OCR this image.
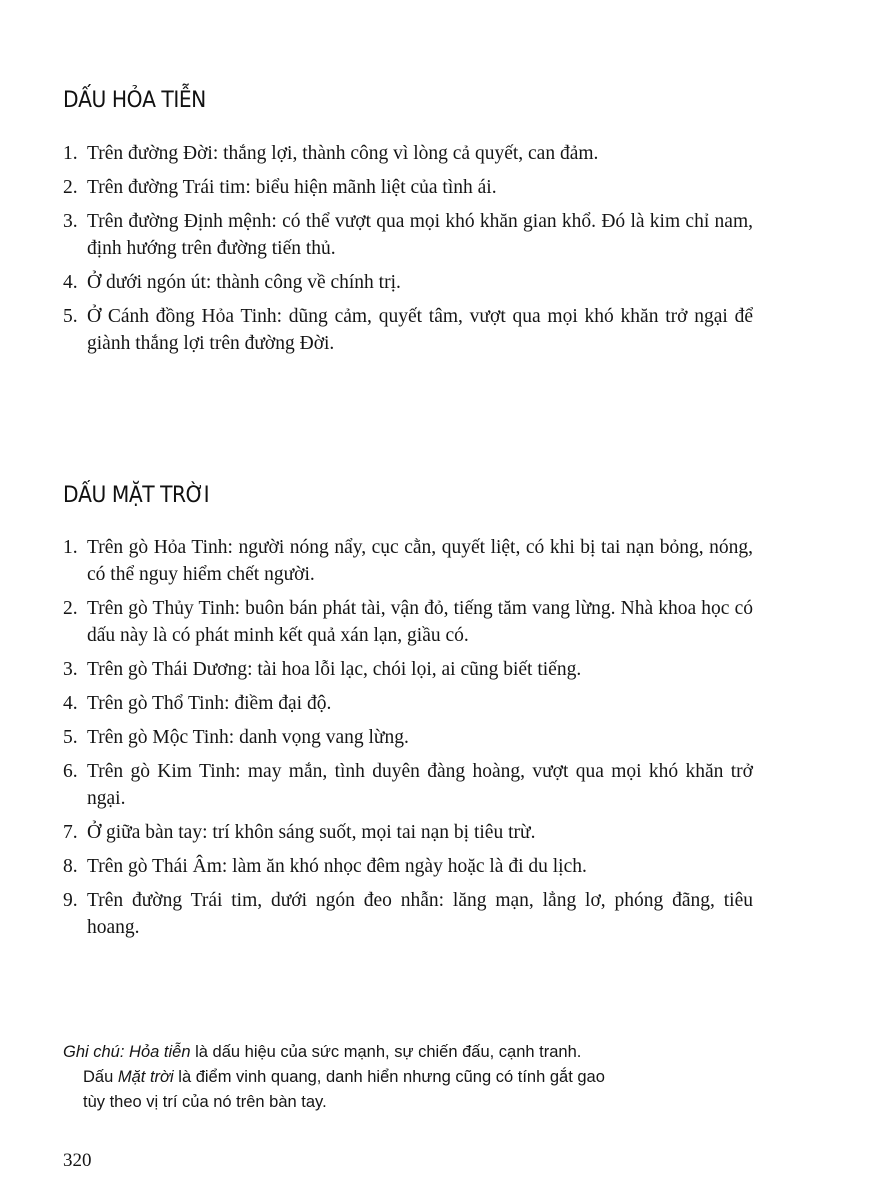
DẤU HỎA TIỄN
1. Trên đường Đời: thắng lợi, thành công vì lòng cả quyết, can đảm.
2. Trên đường Trái tim: biểu hiện mãnh liệt của tình ái.
3. Trên đường Định mệnh: có thể vượt qua mọi khó khăn gian khổ. Đó là kim chỉ nam, định hướng trên đường tiến thủ.
4. Ở dưới ngón út: thành công về chính trị.
5. Ở Cánh đồng Hỏa Tinh: dũng cảm, quyết tâm, vượt qua mọi khó khăn trở ngại để giành thắng lợi trên đường Đời.
DẤU MẶT TRỜI
1. Trên gò Hỏa Tinh: người nóng nẩy, cục cằn, quyết liệt, có khi bị tai nạn bỏng, nóng, có thể nguy hiểm chết người.
2. Trên gò Thủy Tinh: buôn bán phát tài, vận đỏ, tiếng tăm vang lừng. Nhà khoa học có dấu này là có phát minh kết quả xán lạn, giầu có.
3. Trên gò Thái Dương: tài hoa lỗi lạc, chói lọi, ai cũng biết tiếng.
4. Trên gò Thổ Tinh: điềm đại độ.
5. Trên gò Mộc Tinh: danh vọng vang lừng.
6. Trên gò Kim Tinh: may mắn, tình duyên đàng hoàng, vượt qua mọi khó khăn trở ngại.
7. Ở giữa bàn tay: trí khôn sáng suốt, mọi tai nạn bị tiêu trừ.
8. Trên gò Thái Âm: làm ăn khó nhọc đêm ngày hoặc là đi du lịch.
9. Trên đường Trái tim, dưới ngón đeo nhẫn: lăng mạn, lẳng lơ, phóng đãng, tiêu hoang.
Ghi chú: Hỏa tiễn là dấu hiệu của sức mạnh, sự chiến đấu, cạnh tranh.
Dấu Mặt trời là điểm vinh quang, danh hiển nhưng cũng có tính gắt gao
tùy theo vị trí của nó trên bàn tay.
320
